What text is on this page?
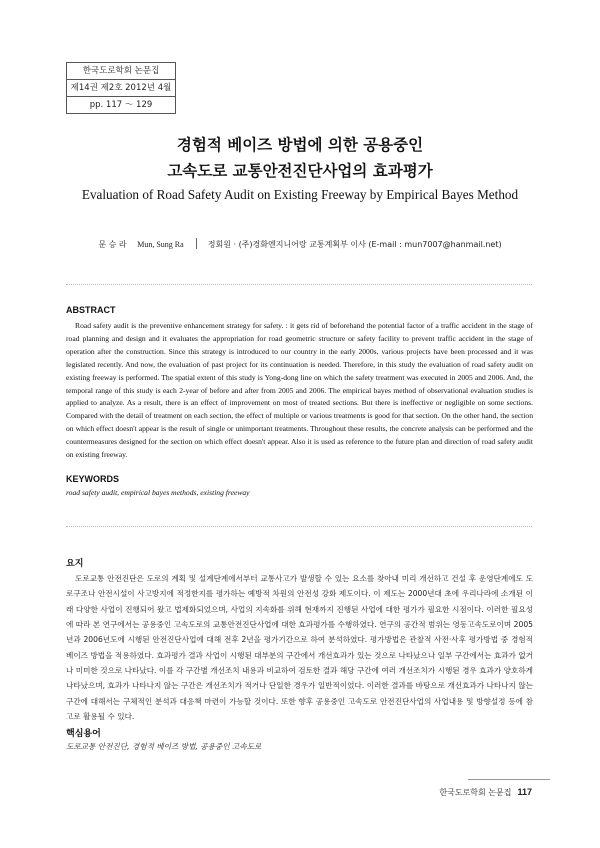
한국도로학회 논문집
제14권 제2호 2012년 4월
pp. 117 ～ 129
경험적 베이즈 방법에 의한 공용중인
고속도로 교통안전진단사업의 효과평가
Evaluation of Road Safety Audit on Existing Freeway by Empirical Bayes Method
문 승 라 Mun, Sung Ra	정회원 · (주)경화엔지니어랑 교통계획부 이사 (E-mail : mun7007@hanmail.net)
ABSTRACT

Road safety audit is the preventive enhancement strategy for safety. : it gets rid of beforehand the potential factor of a traffic accident in the stage of road planning and design and it evaluates the appropriation for road geometric structure or safety facility to prevent traffic accident in the stage of operation after the construction. Since this strategy is introduced to our country in the early 2000s, various projects have been processed and it was legislated recently. And now, the evaluation of past project for its continuation is needed. Therefore, in this study the evaluation of road safety audit on existing freeway is performed. The spatial extent of this study is Yong-dong line on which the safety treatment was executed in 2005 and 2006. And, the temporal range of this study is each 2-year of before and after from 2005 and 2006. The empirical bayes method of observational evaluation studies is applied to analyze. As a result, there is an effect of improvement on most of treated sections. But there is ineffective or negligible on some sections. Compared with the detail of treatment on each section, the effect of multiple or various treatments is good for that section. On the other hand, the section on which effect doesn't appear is the result of single or unimportant treatments. Throughout these results, the concrete analysis can be performed and the countermeasures designed for the section on which effect doesn't appear. Also it is used as reference to the future plan and direction of road safety audit on existing freeway.

KEYWORDS
road safety audit, empirical bayes methods, existing freeway
요지

도로교통 안전진단은 도로의 계획 및 설계단계에서부터 교통사고가 발생할 수 있는 요소를 찾아내 미리 개선하고 건설 후 운영단계에도 도로구조나 안전시설이 사고방지에 적정한지를 평가하는 예방적 차원의 안전성 강화 제도이다. 이 제도는 2000년대 초에 우리나라에 소개된 이래 다양한 사업이 진행되어 왔고 법제화되었으며, 사업의 지속화를 위해 현재까지 진행된 사업에 대한 평가가 필요한 시점이다. 이러한 필요성에 따라 본 연구에서는 공용중인 고속도로의 교통안전진단사업에 대한 효과평가를 수행하였다. 연구의 공간적 범위는 영동고속도로이며 2005년과 2006년도에 시행된 안전진단사업에 대해 전후 2년을 평가기간으로 하여 분석하였다. 평가방법은 관찰적 사전·사후 평가방법 중 경험적 베이즈 방법을 적용하였다. 효과평가 결과 사업이 시행된 대부분의 구간에서 개선효과가 있는 것으로 나타났으나 일부 구간에서는 효과가 없거나 미미한 것으로 나타났다. 이를 각 구간별 개선조치 내용과 비교하여 검토한 결과 해당 구간에 여러 개선조치가 시행된 경우 효과가 양호하게 나타났으며, 효과가 나타나지 않는 구간은 개선조치가 적거나 단일한 경우가 일반적이었다. 이러한 결과를 바탕으로 개선효과가 나타나지 않는 구간에 대해서는 구체적인 분석과 대응책 마련이 가능할 것이다. 또한 향후 공용중인 고속도로 안전진단사업의 사업내용 및 방향설정 등에 참고로 활용될 수 있다.

핵심용어
도로교통 안전진단, 경험적 베이즈 방법, 공용중인 고속도로
한국도로학회 논문집 117
